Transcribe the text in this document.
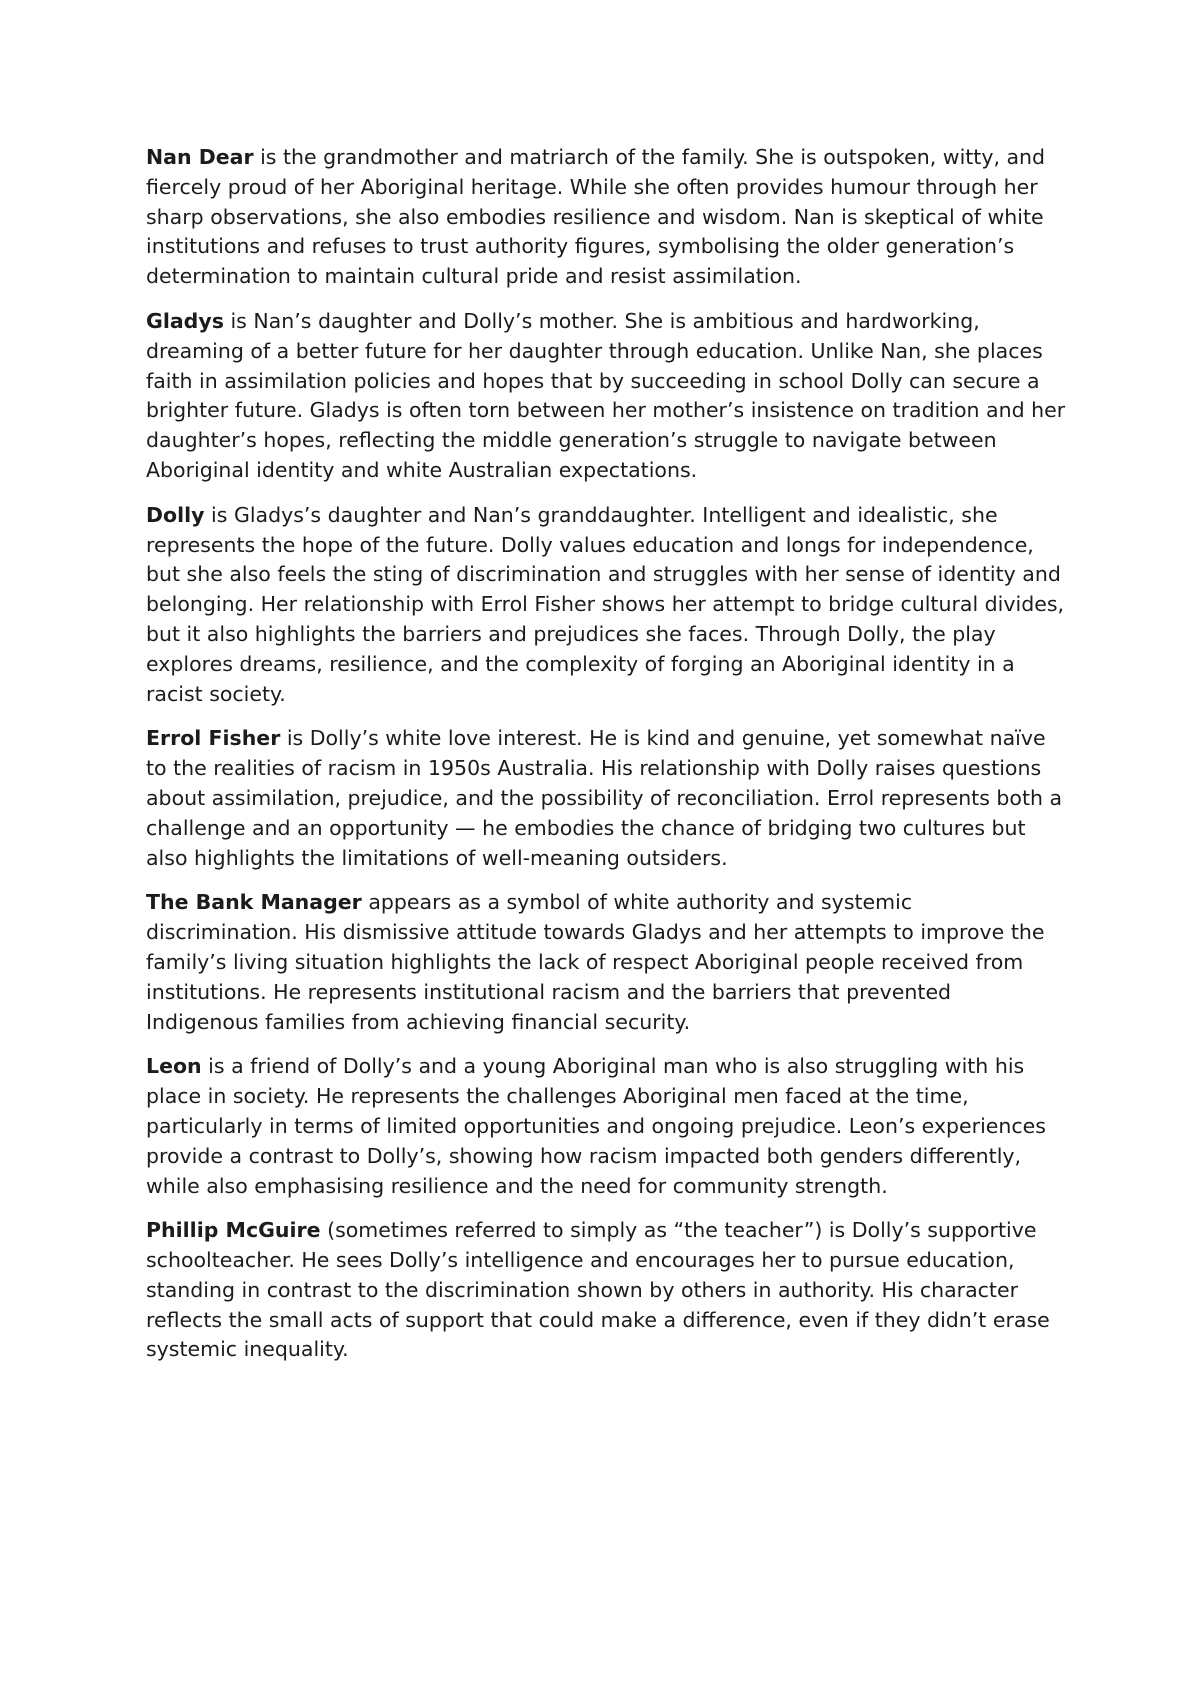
Nan Dear is the grandmother and matriarch of the family. She is outspoken, witty, and fiercely proud of her Aboriginal heritage. While she often provides humour through her sharp observations, she also embodies resilience and wisdom. Nan is skeptical of white institutions and refuses to trust authority figures, symbolising the older generation’s determination to maintain cultural pride and resist assimilation.

Gladys is Nan’s daughter and Dolly’s mother. She is ambitious and hardworking, dreaming of a better future for her daughter through education. Unlike Nan, she places faith in assimilation policies and hopes that by succeeding in school Dolly can secure a brighter future. Gladys is often torn between her mother’s insistence on tradition and her daughter’s hopes, reflecting the middle generation’s struggle to navigate between Aboriginal identity and white Australian expectations.

Dolly is Gladys’s daughter and Nan’s granddaughter. Intelligent and idealistic, she represents the hope of the future. Dolly values education and longs for independence, but she also feels the sting of discrimination and struggles with her sense of identity and belonging. Her relationship with Errol Fisher shows her attempt to bridge cultural divides, but it also highlights the barriers and prejudices she faces. Through Dolly, the play explores dreams, resilience, and the complexity of forging an Aboriginal identity in a racist society.

Errol Fisher is Dolly’s white love interest. He is kind and genuine, yet somewhat naïve to the realities of racism in 1950s Australia. His relationship with Dolly raises questions about assimilation, prejudice, and the possibility of reconciliation. Errol represents both a challenge and an opportunity — he embodies the chance of bridging two cultures but also highlights the limitations of well-meaning outsiders.

The Bank Manager appears as a symbol of white authority and systemic discrimination. His dismissive attitude towards Gladys and her attempts to improve the family’s living situation highlights the lack of respect Aboriginal people received from institutions. He represents institutional racism and the barriers that prevented Indigenous families from achieving financial security.

Leon is a friend of Dolly’s and a young Aboriginal man who is also struggling with his place in society. He represents the challenges Aboriginal men faced at the time, particularly in terms of limited opportunities and ongoing prejudice. Leon’s experiences provide a contrast to Dolly’s, showing how racism impacted both genders differently, while also emphasising resilience and the need for community strength.

Phillip McGuire (sometimes referred to simply as “the teacher”) is Dolly’s supportive schoolteacher. He sees Dolly’s intelligence and encourages her to pursue education, standing in contrast to the discrimination shown by others in authority. His character reflects the small acts of support that could make a difference, even if they didn’t erase systemic inequality.
